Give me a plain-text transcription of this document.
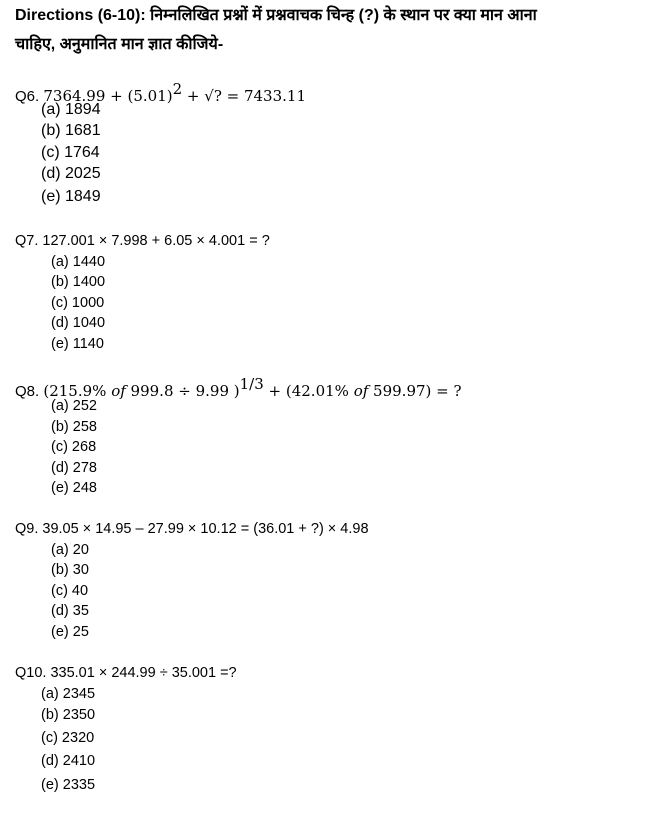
Directions (6-10): निम्नलिखित प्रश्नों में प्रश्नवाचक चिन्ह (?) के स्थान पर क्या मान आना
चाहिए, अनुमानित मान ज्ञात कीजिये-
Q6. $7364.99 + (5.01)^2$ + √? = 7433.11
(a) 1894
(b) 1681
(c) 1764
(d) 2025
(e) 1849
Q7. 127.001 × 7.998 + 6.05 × 4.001 = ?
(a) 1440
(b) 1400
(c) 1000
(d) 1040
(e) 1140
Q8. (215.9% of 999.8 ÷ 9.99 )$^{1/3}$ + (42.01% of 599.97) = ?
(a) 252
(b) 258
(c) 268
(d) 278
(e) 248
Q9. 39.05 × 14.95 – 27.99 × 10.12 = (36.01 + ?) × 4.98
(a) 20
(b) 30
(c) 40
(d) 35
(e) 25
Q10. 335.01 × 244.99 ÷ 35.001 =?
(a) 2345
(b) 2350
(c) 2320
(d) 2410
(e) 2335
